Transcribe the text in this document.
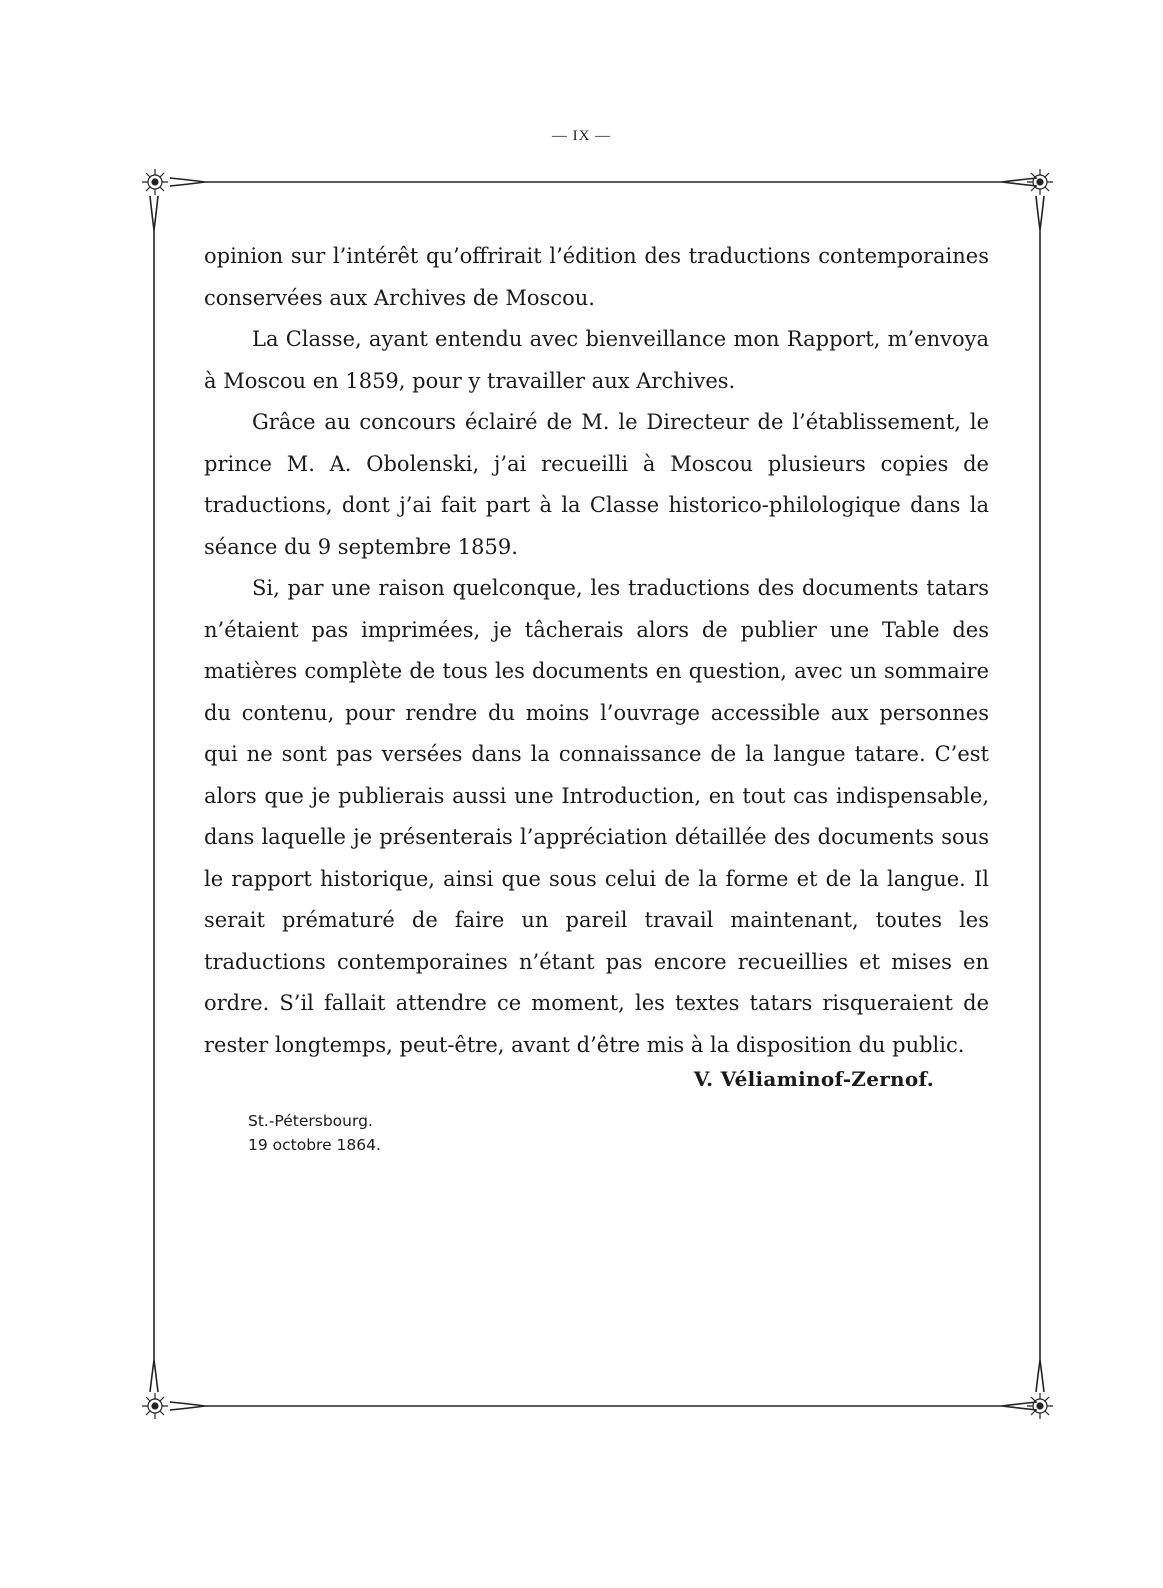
— IX —

opinion sur l’intérêt qu’offrirait l’édition des traductions contemporaines conservées aux Archives de Moscou.

La Classe, ayant entendu avec bienveillance mon Rapport, m’envoya à Moscou en 1859, pour y travailler aux Archives.

Grâce au concours éclairé de M. le Directeur de l’établissement, le prince M. A. Obolenski, j’ai recueilli à Moscou plusieurs copies de traductions, dont j’ai fait part à la Classe historico-philologique dans la séance du 9 septembre 1859.

Si, par une raison quelconque, les traductions des documents tatars n’étaient pas imprimées, je tâcherais alors de publier une Table des matières complète de tous les documents en question, avec un sommaire du contenu, pour rendre du moins l’ouvrage accessible aux personnes qui ne sont pas versées dans la connaissance de la langue tatare. C’est alors que je publierais aussi une Introduction, en tout cas indispensable, dans laquelle je présenterais l’appréciation détaillée des documents sous le rapport historique, ainsi que sous celui de la forme et de la langue. Il serait prématuré de faire un pareil travail maintenant, toutes les traductions contemporaines n’étant pas encore recueillies et mises en ordre. S’il fallait attendre ce moment, les textes tatars risqueraient de rester longtemps, peut-être, avant d’être mis à la disposition du public.

V. Véliaminof-Zernof.
St.-Pétersbourg.
19 octobre 1864.
